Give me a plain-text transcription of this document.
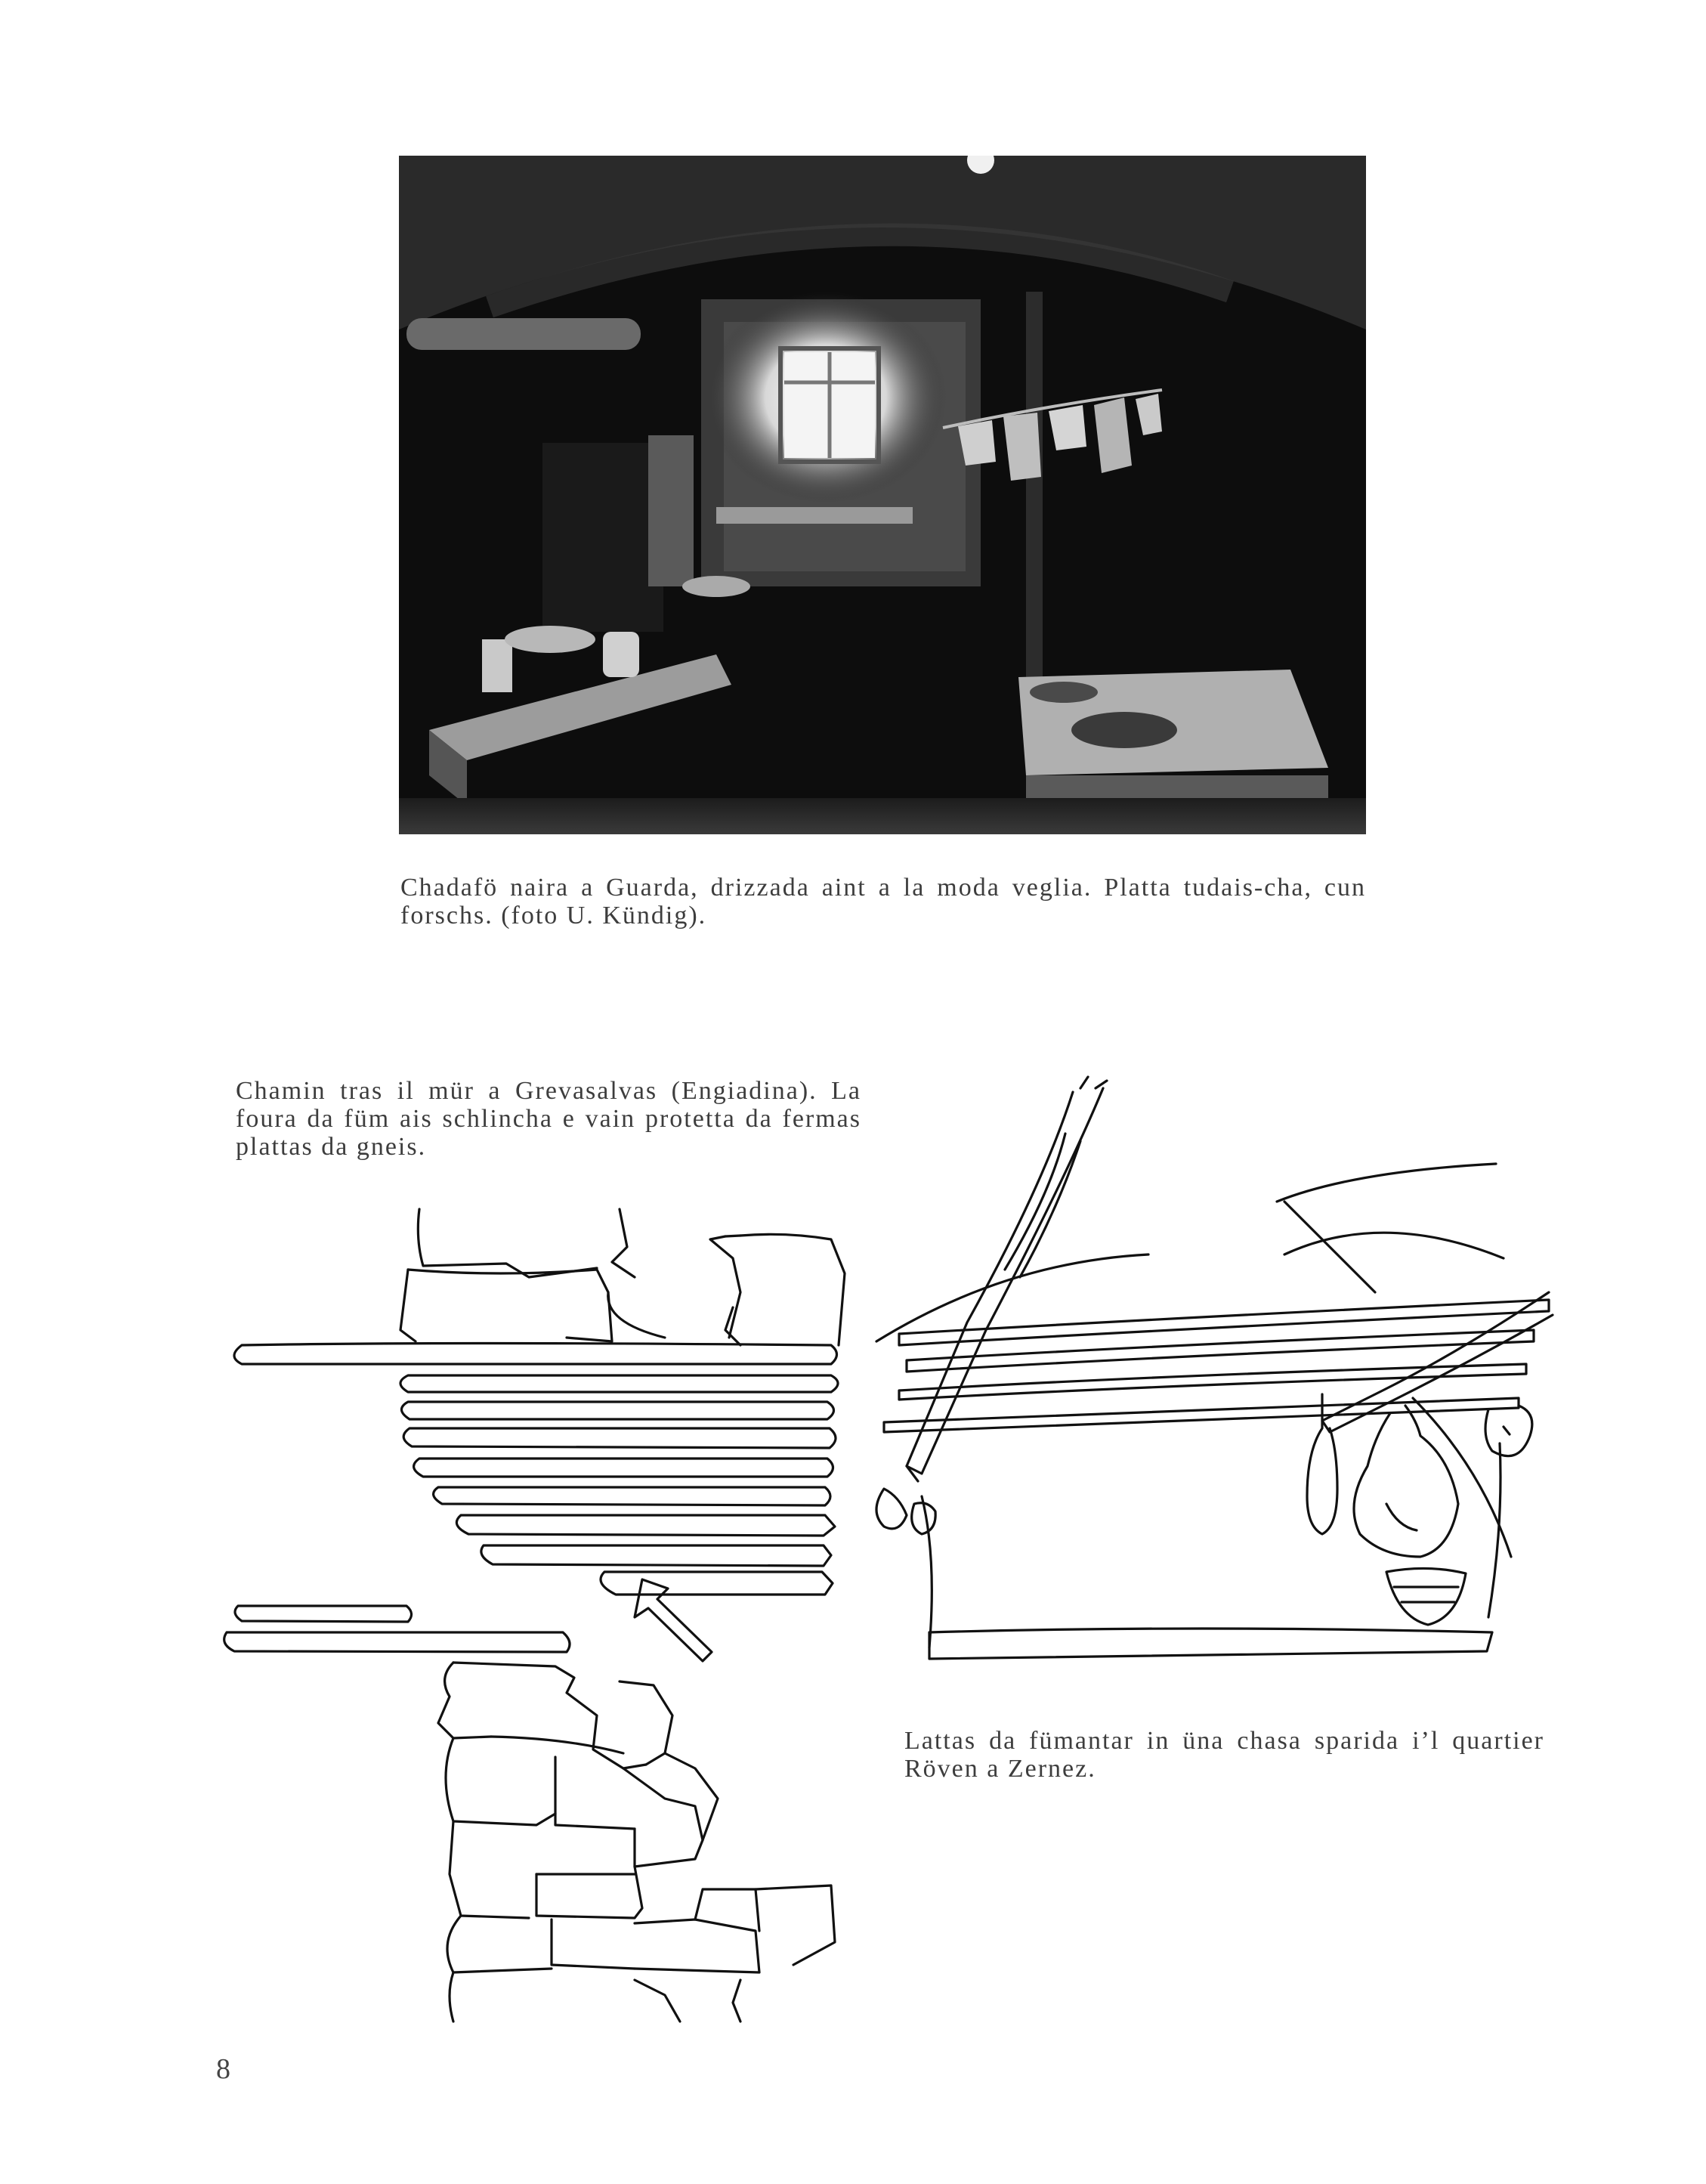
Chadafö naira a Guarda, drizzada aint a la moda veglia. Platta tudais-cha, cun forschs. (foto U. Kündig).
Chamin tras il mür a Grevasalvas (Engiadina). La foura da füm ais schlincha e vain protetta da fermas plattas da gneis.
Lattas da fümantar in üna chasa sparida i’l quartier Röven a Zernez.
8
